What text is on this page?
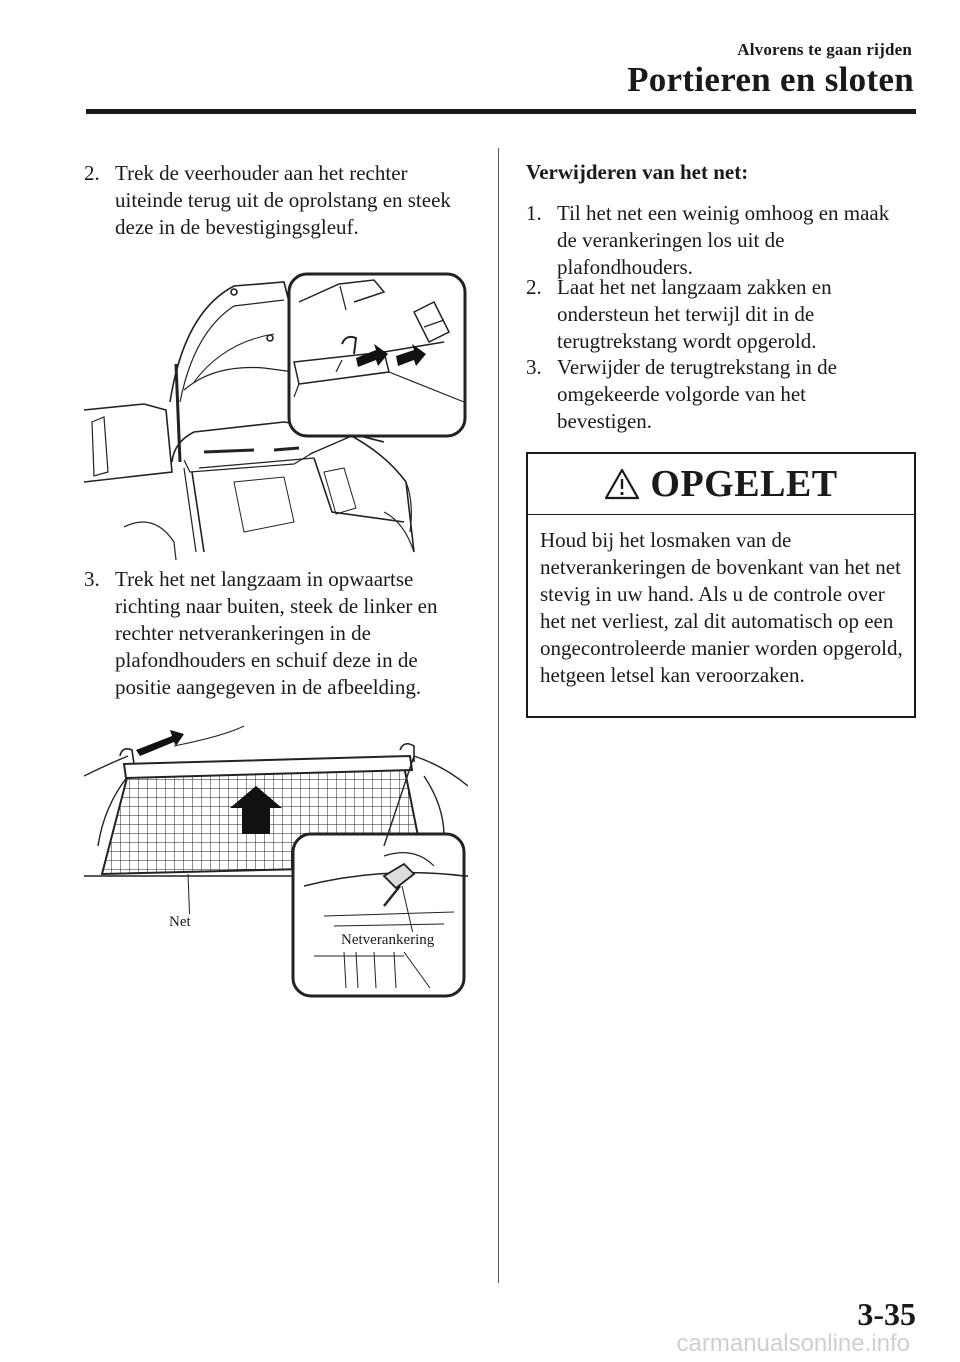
Alvorens te gaan rijden
Portieren en sloten
2. Trek de veerhouder aan het rechter uiteinde terug uit de oprolstang en steek deze in de bevestigingsgleuf.
3. Trek het net langzaam in opwaartse richting naar buiten, steek de linker en rechter netverankeringen in de plafondhouders en schuif deze in de positie aangegeven in de afbeelding.
Net
Netverankering
Verwijderen van het net:
1. Til het net een weinig omhoog en maak de verankeringen los uit de plafondhouders.
2. Laat het net langzaam zakken en ondersteun het terwijl dit in de terugtrekstang wordt opgerold.
3. Verwijder de terugtrekstang in de omgekeerde volgorde van het bevestigen.
OPGELET
Houd bij het losmaken van de netverankeringen de bovenkant van het net stevig in uw hand. Als u de controle over het net verliest, zal dit automatisch op een ongecontroleerde manier worden opgerold, hetgeen letsel kan veroorzaken.
3-35
carmanualsonline.info
